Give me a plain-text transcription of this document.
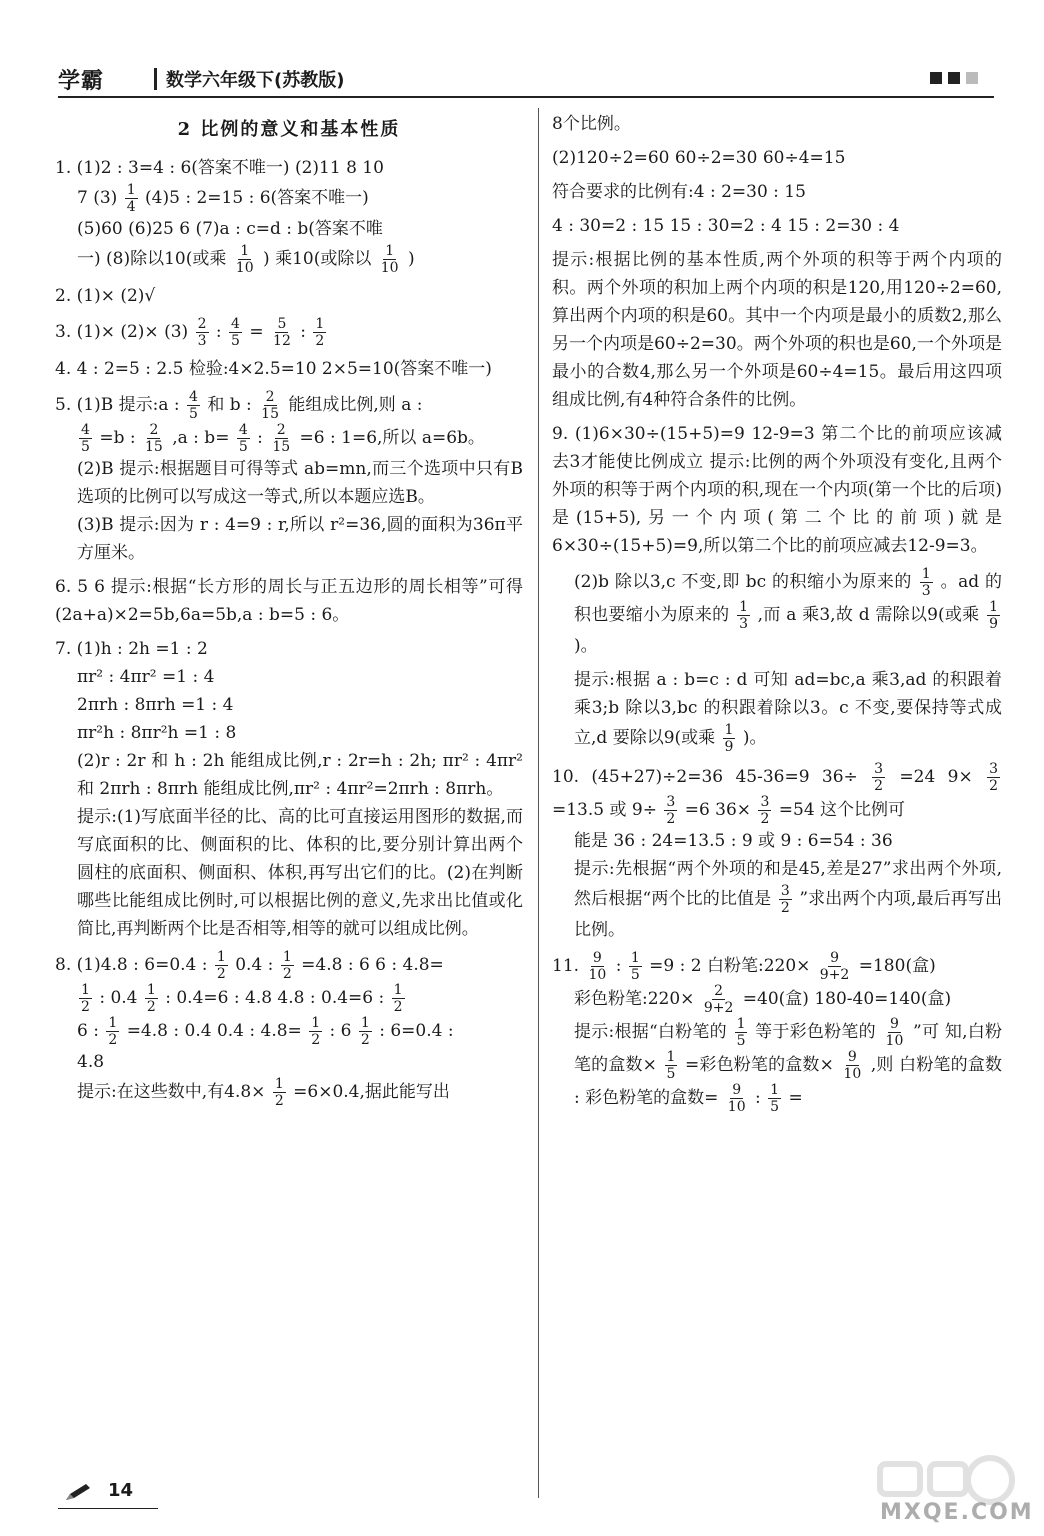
学霸	数学六年级下(苏教版)
2 比例的意义和基本性质
1. (1)2 : 3=4 : 6(答案不唯一) (2)11 8 10
7 $(3) \frac{1}{4} (4)5$ : 2=15 : 6(答案不唯一)
(5)60 (6)25 6 (7)a : c=d : b(答案不唯
一) (8)除以10(或乘 $\frac{1}{10}$ ) 乘10(或除以 $\frac{1}{10}$ )
2. (1)× (2)√
3. $(1)\times (2)\times (3) \frac{2}{3}$ : $\frac{4}{5} = \frac{5}{12}$ : $\frac{1}{2}$
4. 4 : 2=5 : 2.5 检验:4×2.5=10 2×5=10(答案不唯一)
5. (1)B 提示:a : $\frac{4}{5}$ 和 b : $\frac{2}{15}$ 能组成比例,则 a :
$\frac{4}{5} =b$ : $\frac{2}{15} ,a$ : $b= \frac{4}{5}$ : $\frac{2}{15} =6$ : 1=6,所以 a=6b。
(2)B 提示:根据题目可得等式 ab=mn,而三个选项中只有B选项的比例可以写成这一等式,所以本题应选B。
(3)B 提示:因为 r : 4=9 : r,所以 r²=36,圆的面积为36π平方厘米。
6. 5 6 提示:根据“长方形的周长与正五边形的周长相等”可得(2a+a)×2=5b,6a=5b,a : b=5 : 6。
7. (1)h : 2h =1 : 2
πr² : 4πr² =1 : 4
2πrh : 8πrh =1 : 4
πr²h : 8πr²h =1 : 8
(2)r : 2r 和 h : 2h 能组成比例,r : 2r=h : 2h; πr² : 4πr² 和 2πrh : 8πrh 能组成比例,πr² : 4πr²=2πrh : 8πrh。
提示:(1)写底面半径的比、高的比可直接运用图形的数据,而写底面积的比、侧面积的比、体积的比,要分别计算出两个圆柱的底面积、侧面积、体积,再写出它们的比。(2)在判断哪些比能组成比例时,可以根据比例的意义,先求出比值或化简比,再判断两个比是否相等,相等的就可以组成比例。
8. (1)4.8 : 6=0.4 : $\frac{1}{2} 0.4$ : $\frac{1}{2} =4.8$ : 6 6 : 4.8=
$\frac{1}{2}$ : $0.4 \frac{1}{2}$ : 0.4=6 : 4.8 4.8 : 0.4=6 : $\frac{1}{2}$
6 : $\frac{1}{2} =4.8$ : 0.4 0.4 : $4.8= \frac{1}{2}$ : $6 \frac{1}{2}$ : 6=0.4 :
4.8
提示:在这些数中,有$4.8\times \frac{1}{2} =6\times 0.4$,据此能写出
8个比例。
(2)120÷2=60 60÷2=30 60÷4=15
符合要求的比例有:4 : 2=30 : 15
4 : 30=2 : 15 15 : 30=2 : 4 15 : 2=30 : 4
提示:根据比例的基本性质,两个外项的积等于两个内项的积。两个外项的积加上两个内项的积是120,用120÷2=60,算出两个内项的积是60。其中一个内项是最小的质数2,那么另一个内项是60÷2=30。两个外项的积也是60,一个外项是最小的合数4,那么另一个外项是60÷4=15。最后用这四项组成比例,有4种符合条件的比例。
9. (1)6×30÷(15+5)=9 12-9=3 第二个比的前项应该减去3才能使比例成立 提示:比例的两个外项没有变化,且两个外项的积等于两个内项的积,现在一个内项(第一个比的后项)是(15+5),另一个内项(第二个比的前项)就是6×30÷(15+5)=9,所以第二个比的前项应减去12-9=3。
(2)b 除以3,c 不变,即 bc 的积缩小为原来的 $\frac{1}{3}$ 。ad 的积也要缩小为原来的 $\frac{1}{3}$ ,而 a 乘3,故 d 需除以9(或乘 $\frac{1}{9}$
)。
提示:根据 a : b=c : d 可知 ad=bc,a 乘3,ad 的积跟着乘3;b 除以3,bc 的积跟着除以3。c 不变,要保持等式成立,d 要除以9(或乘 $\frac{1}{9}$ )。
10. (45+27)÷2=36 45-36=9 $36\div \frac{3}{2} =24$ $9\times \frac{3}{2}$
=13.5 或 $9\div \frac{3}{2} =6$ $36\times \frac{3}{2} =54$ 这个比例可
能是 36 : 24=13.5 : 9 或 9 : 6=54 : 36
提示:先根据“两个外项的和是45,差是27”求出两个外项,然后根据“两个比的比值是 $\frac{3}{2}$ ”求出两个内项,最后再写出比例。
11. $\frac{9}{10}$ : $\frac{1}{5} =9$ : 2 白粉笔:220× $\frac{9}{9+2} =180$(盒)
彩色粉笔:220× $\frac{2}{9+2} =40$(盒) 180-40=140(盒)
提示:根据“白粉笔的 $\frac{1}{5}$ 等于彩色粉笔的 $\frac{9}{10}$ ”可 知,白粉笔的盒数× $\frac{1}{5}$ =彩色粉笔的盒数× $\frac{9}{10}$ ,则 白粉笔的盒数 : 彩色粉笔的盒数= $\frac{9}{10}$ : $\frac{1}{5}$ =
14
MXQE.COM
